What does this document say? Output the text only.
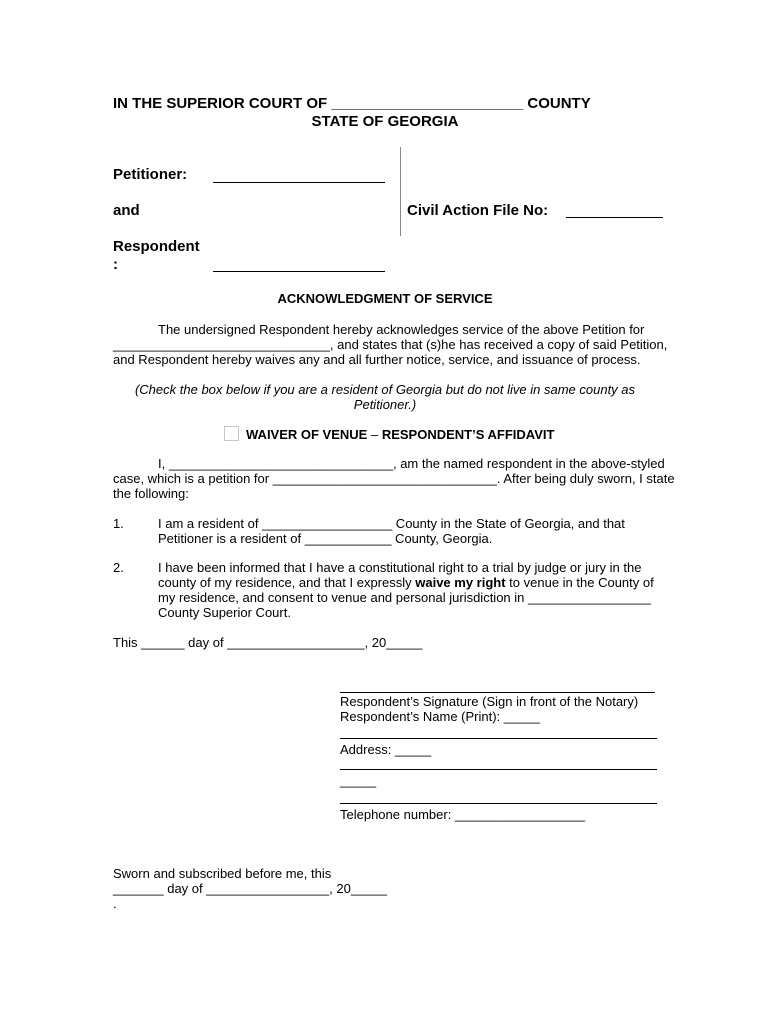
IN THE SUPERIOR COURT OF _______________________ COUNTY
STATE OF GEORGIA
Petitioner:
and
Respondent
:
Civil Action File No:
ACKNOWLEDGMENT OF SERVICE
The undersigned Respondent hereby acknowledges service of the above Petition for
______________________________, and states that (s)he has received a copy of said Petition,
and Respondent hereby waives any and all further notice, service, and issuance of process.
(Check the box below if you are a resident of Georgia but do not live in same county as
Petitioner.)
WAIVER OF VENUE – RESPONDENT’S AFFIDAVIT
I, _______________________________, am the named respondent in the above-styled
case, which is a petition for _______________________________. After being duly sworn, I state
the following:
1.	I am a resident of __________________ County in the State of Georgia, and that
Petitioner is a resident of ____________ County, Georgia.
2.	I have been informed that I have a constitutional right to a trial by judge or jury in the
county of my residence, and that I expressly waive my right to venue in the County of
my residence, and consent to venue and personal jurisdiction in _________________
County Superior Court.
This ______ day of ___________________, 20_____
Respondent’s Signature (Sign in front of the Notary)
Respondent’s Name (Print): _____
Address: _____
_____
Telephone number: __________________
Sworn and subscribed before me, this
_______ day of _________________, 20_____
.
